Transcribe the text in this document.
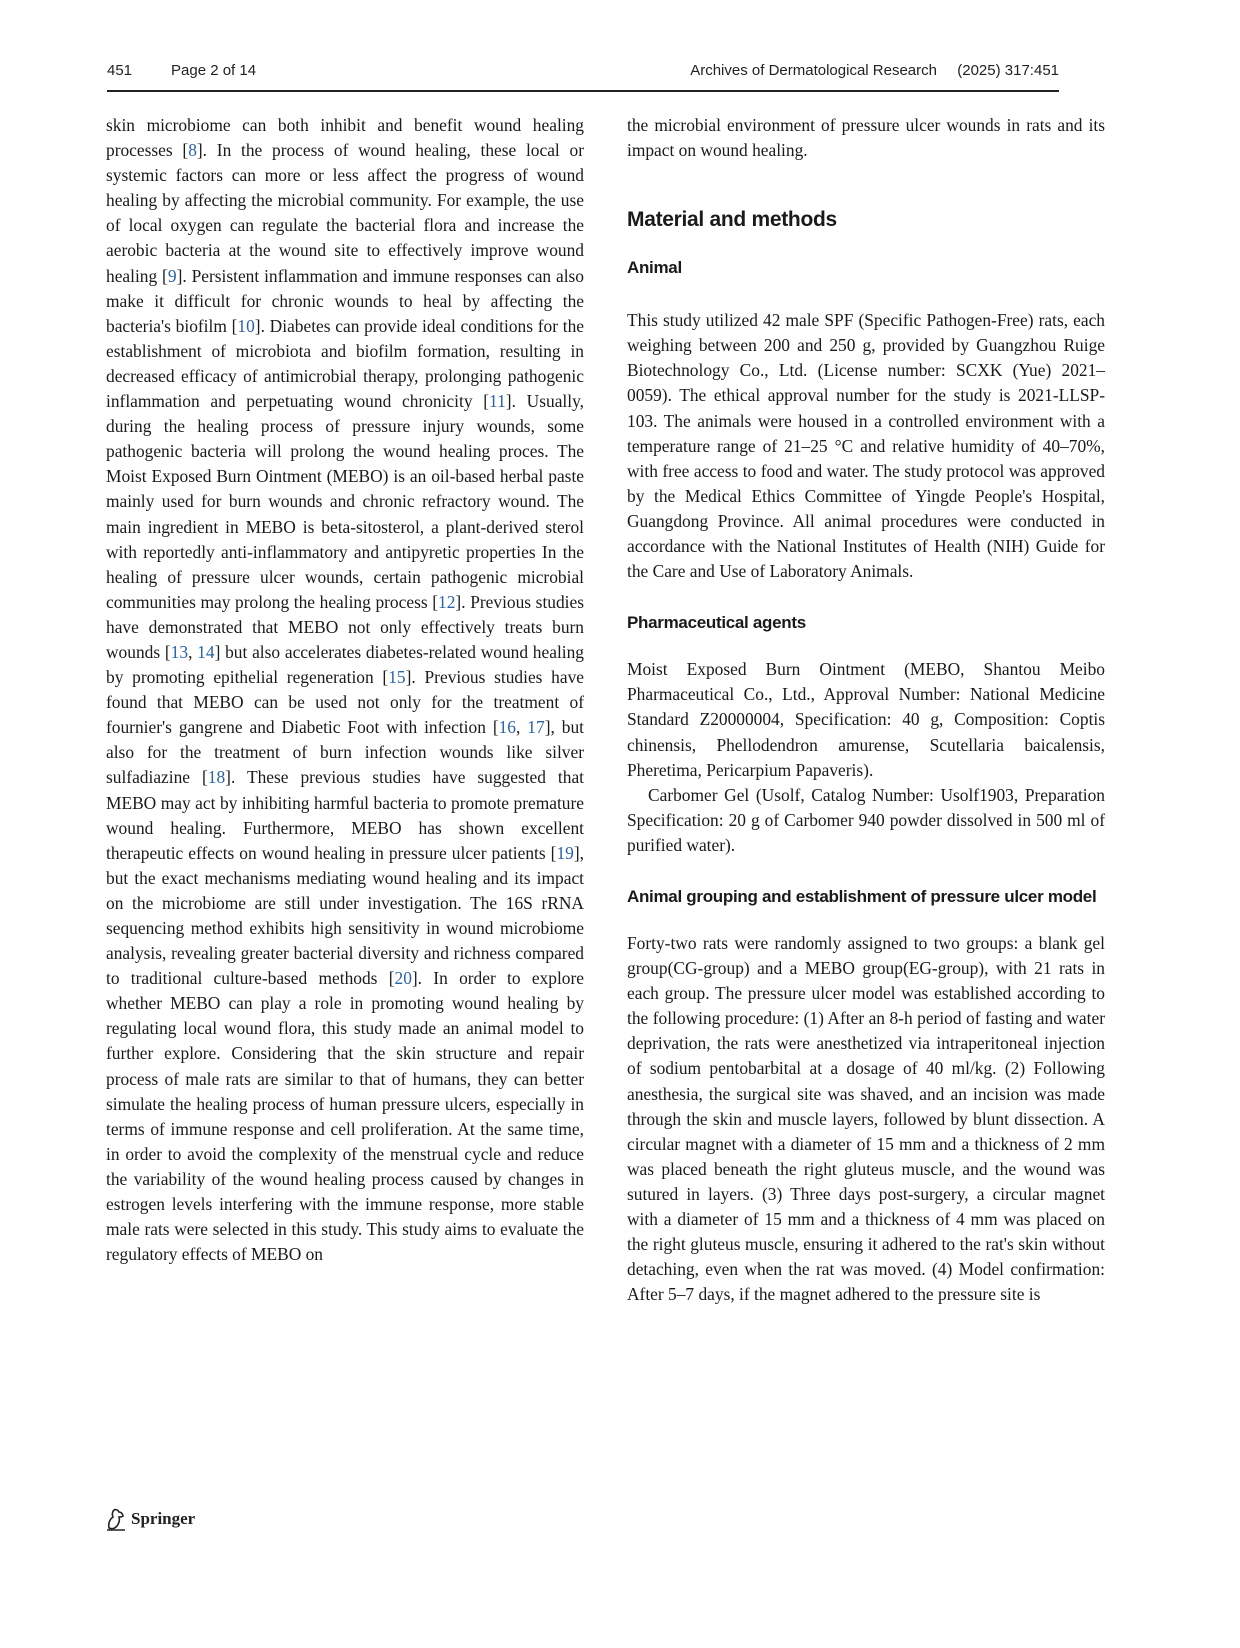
451	Page 2 of 14	Archives of Dermatological Research (2025) 317:451

skin microbiome can both inhibit and benefit wound healing processes [8]. In the process of wound healing, these local or systemic factors can more or less affect the progress of wound healing by affecting the microbial community. For example, the use of local oxygen can regulate the bacterial flora and increase the aerobic bacteria at the wound site to effectively improve wound healing [9]. Persistent inflammation and immune responses can also make it difficult for chronic wounds to heal by affecting the bacteria's biofilm [10]. Diabetes can provide ideal conditions for the establishment of microbiota and biofilm formation, resulting in decreased efficacy of antimicrobial therapy, prolonging pathogenic inflammation and perpetuating wound chronicity [11]. Usually, during the healing process of pressure injury wounds, some pathogenic bacteria will prolong the wound healing proces. The Moist Exposed Burn Ointment (MEBO) is an oil-based herbal paste mainly used for burn wounds and chronic refractory wound. The main ingredient in MEBO is beta-sitosterol, a plant-derived sterol with reportedly anti-inflammatory and antipyretic properties In the healing of pressure ulcer wounds, certain pathogenic microbial communities may prolong the healing process [12]. Previous studies have demonstrated that MEBO not only effectively treats burn wounds [13, 14] but also accelerates diabetes-related wound healing by promoting epithelial regeneration [15]. Previous studies have found that MEBO can be used not only for the treatment of fournier's gangrene and Diabetic Foot with infection [16, 17], but also for the treatment of burn infection wounds like silver sulfadiazine [18]. These previous studies have suggested that MEBO may act by inhibiting harmful bacteria to promote premature wound healing. Furthermore, MEBO has shown excellent therapeutic effects on wound healing in pressure ulcer patients [19], but the exact mechanisms mediating wound healing and its impact on the microbiome are still under investigation. The 16S rRNA sequencing method exhibits high sensitivity in wound microbiome analysis, revealing greater bacterial diversity and richness compared to traditional culture-based methods [20]. In order to explore whether MEBO can play a role in promoting wound healing by regulating local wound flora, this study made an animal model to further explore. Considering that the skin structure and repair process of male rats are similar to that of humans, they can better simulate the healing process of human pressure ulcers, especially in terms of immune response and cell proliferation. At the same time, in order to avoid the complexity of the menstrual cycle and reduce the variability of the wound healing process caused by changes in estrogen levels interfering with the immune response, more stable male rats were selected in this study. This study aims to evaluate the regulatory effects of MEBO on

the microbial environment of pressure ulcer wounds in rats and its impact on wound healing.

Material and methods
Animal

This study utilized 42 male SPF (Specific Pathogen-Free) rats, each weighing between 200 and 250 g, provided by Guangzhou Ruige Biotechnology Co., Ltd. (License number: SCXK (Yue) 2021–0059). The ethical approval number for the study is 2021-LLSP-103. The animals were housed in a controlled environment with a temperature range of 21–25 °C and relative humidity of 40–70%, with free access to food and water. The study protocol was approved by the Medical Ethics Committee of Yingde People's Hospital, Guangdong Province. All animal procedures were conducted in accordance with the National Institutes of Health (NIH) Guide for the Care and Use of Laboratory Animals.

Pharmaceutical agents

Moist Exposed Burn Ointment (MEBO, Shantou Meibo Pharmaceutical Co., Ltd., Approval Number: National Medicine Standard Z20000004, Specification: 40 g, Composition: Coptis chinensis, Phellodendron amurense, Scutellaria baicalensis, Pheretima, Pericarpium Papaveris).

Carbomer Gel (Usolf, Catalog Number: Usolf1903, Preparation Specification: 20 g of Carbomer 940 powder dissolved in 500 ml of purified water).

Animal grouping and establishment of pressure ulcer model

Forty-two rats were randomly assigned to two groups: a blank gel group(CG-group) and a MEBO group(EG-group), with 21 rats in each group. The pressure ulcer model was established according to the following procedure: (1) After an 8-h period of fasting and water deprivation, the rats were anesthetized via intraperitoneal injection of sodium pentobarbital at a dosage of 40 ml/kg. (2) Following anesthesia, the surgical site was shaved, and an incision was made through the skin and muscle layers, followed by blunt dissection. A circular magnet with a diameter of 15 mm and a thickness of 2 mm was placed beneath the right gluteus muscle, and the wound was sutured in layers. (3) Three days post-surgery, a circular magnet with a diameter of 15 mm and a thickness of 4 mm was placed on the right gluteus muscle, ensuring it adhered to the rat's skin without detaching, even when the rat was moved. (4) Model confirmation: After 5–7 days, if the magnet adhered to the pressure site is

Springer
